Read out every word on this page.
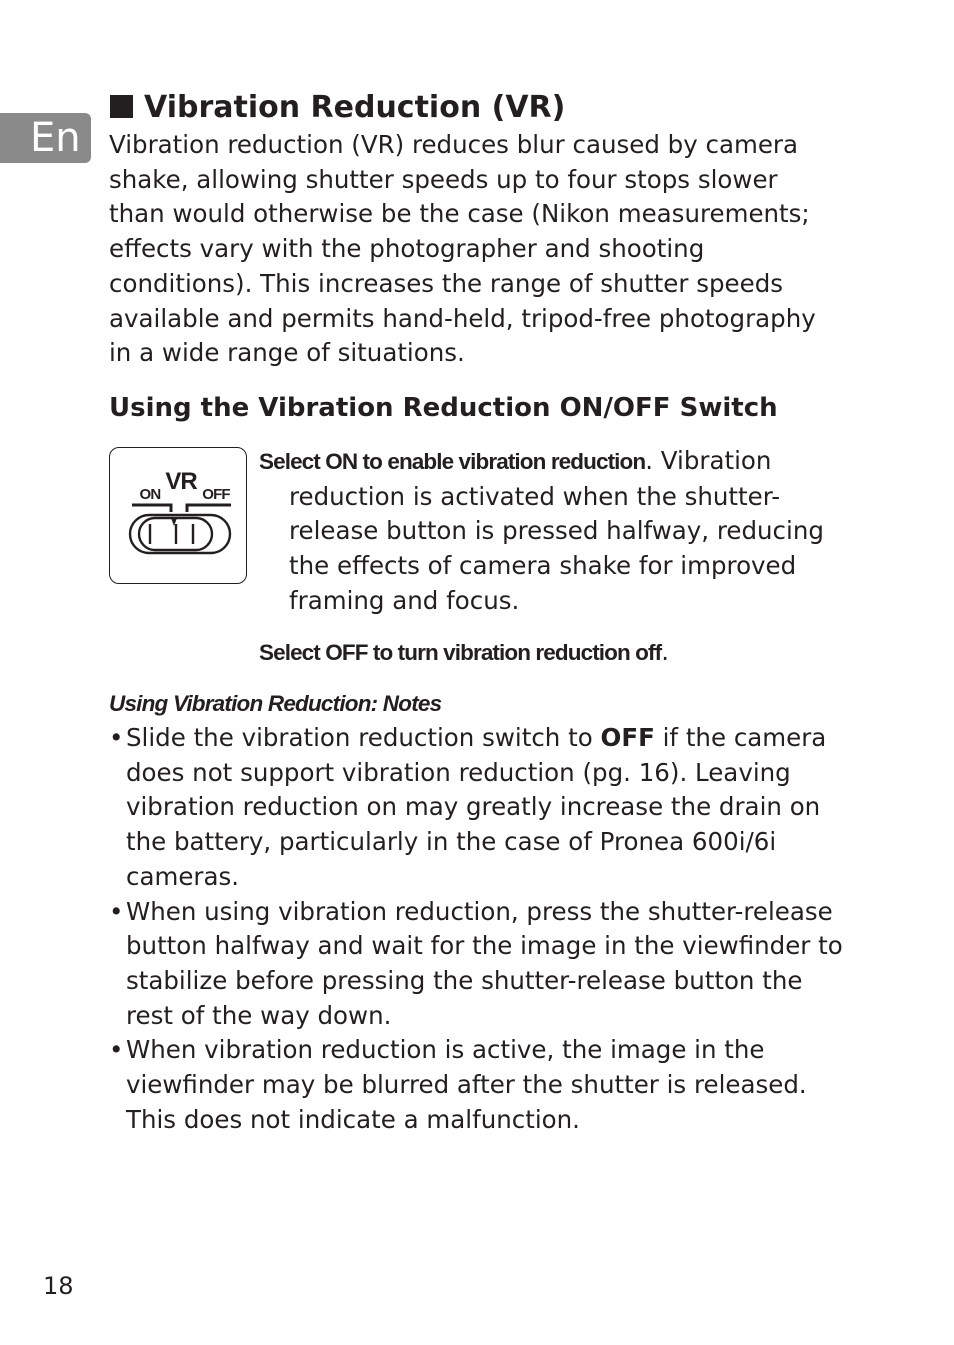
En
Vibration Reduction (VR)

Vibration reduction (VR) reduces blur caused by camera shake, allowing shutter speeds up to four stops slower than would otherwise be the case (Nikon measurements; effects vary with the photographer and shooting conditions). This increases the range of shutter speeds available and permits hand-held, tripod-free photography in a wide range of situations.

Using the Vibration Reduction ON/OFF Switch
VR
ON	OFF

Select ON to enable vibration reduction. Vibration reduction is activated when the shutter-release button is pressed halfway, reducing the effects of camera shake for improved framing and focus.

Select OFF to turn vibration reduction off.

Using Vibration Reduction: Notes
• Slide the vibration reduction switch to OFF if the camera does not support vibration reduction (pg. 16). Leaving vibration reduction on may greatly increase the drain on the battery, particularly in the case of Pronea 600i/6i cameras.
• When using vibration reduction, press the shutter-release button halfway and wait for the image in the viewfinder to stabilize before pressing the shutter-release button the rest of the way down.
• When vibration reduction is active, the image in the viewfinder may be blurred after the shutter is released. This does not indicate a malfunction.

18
